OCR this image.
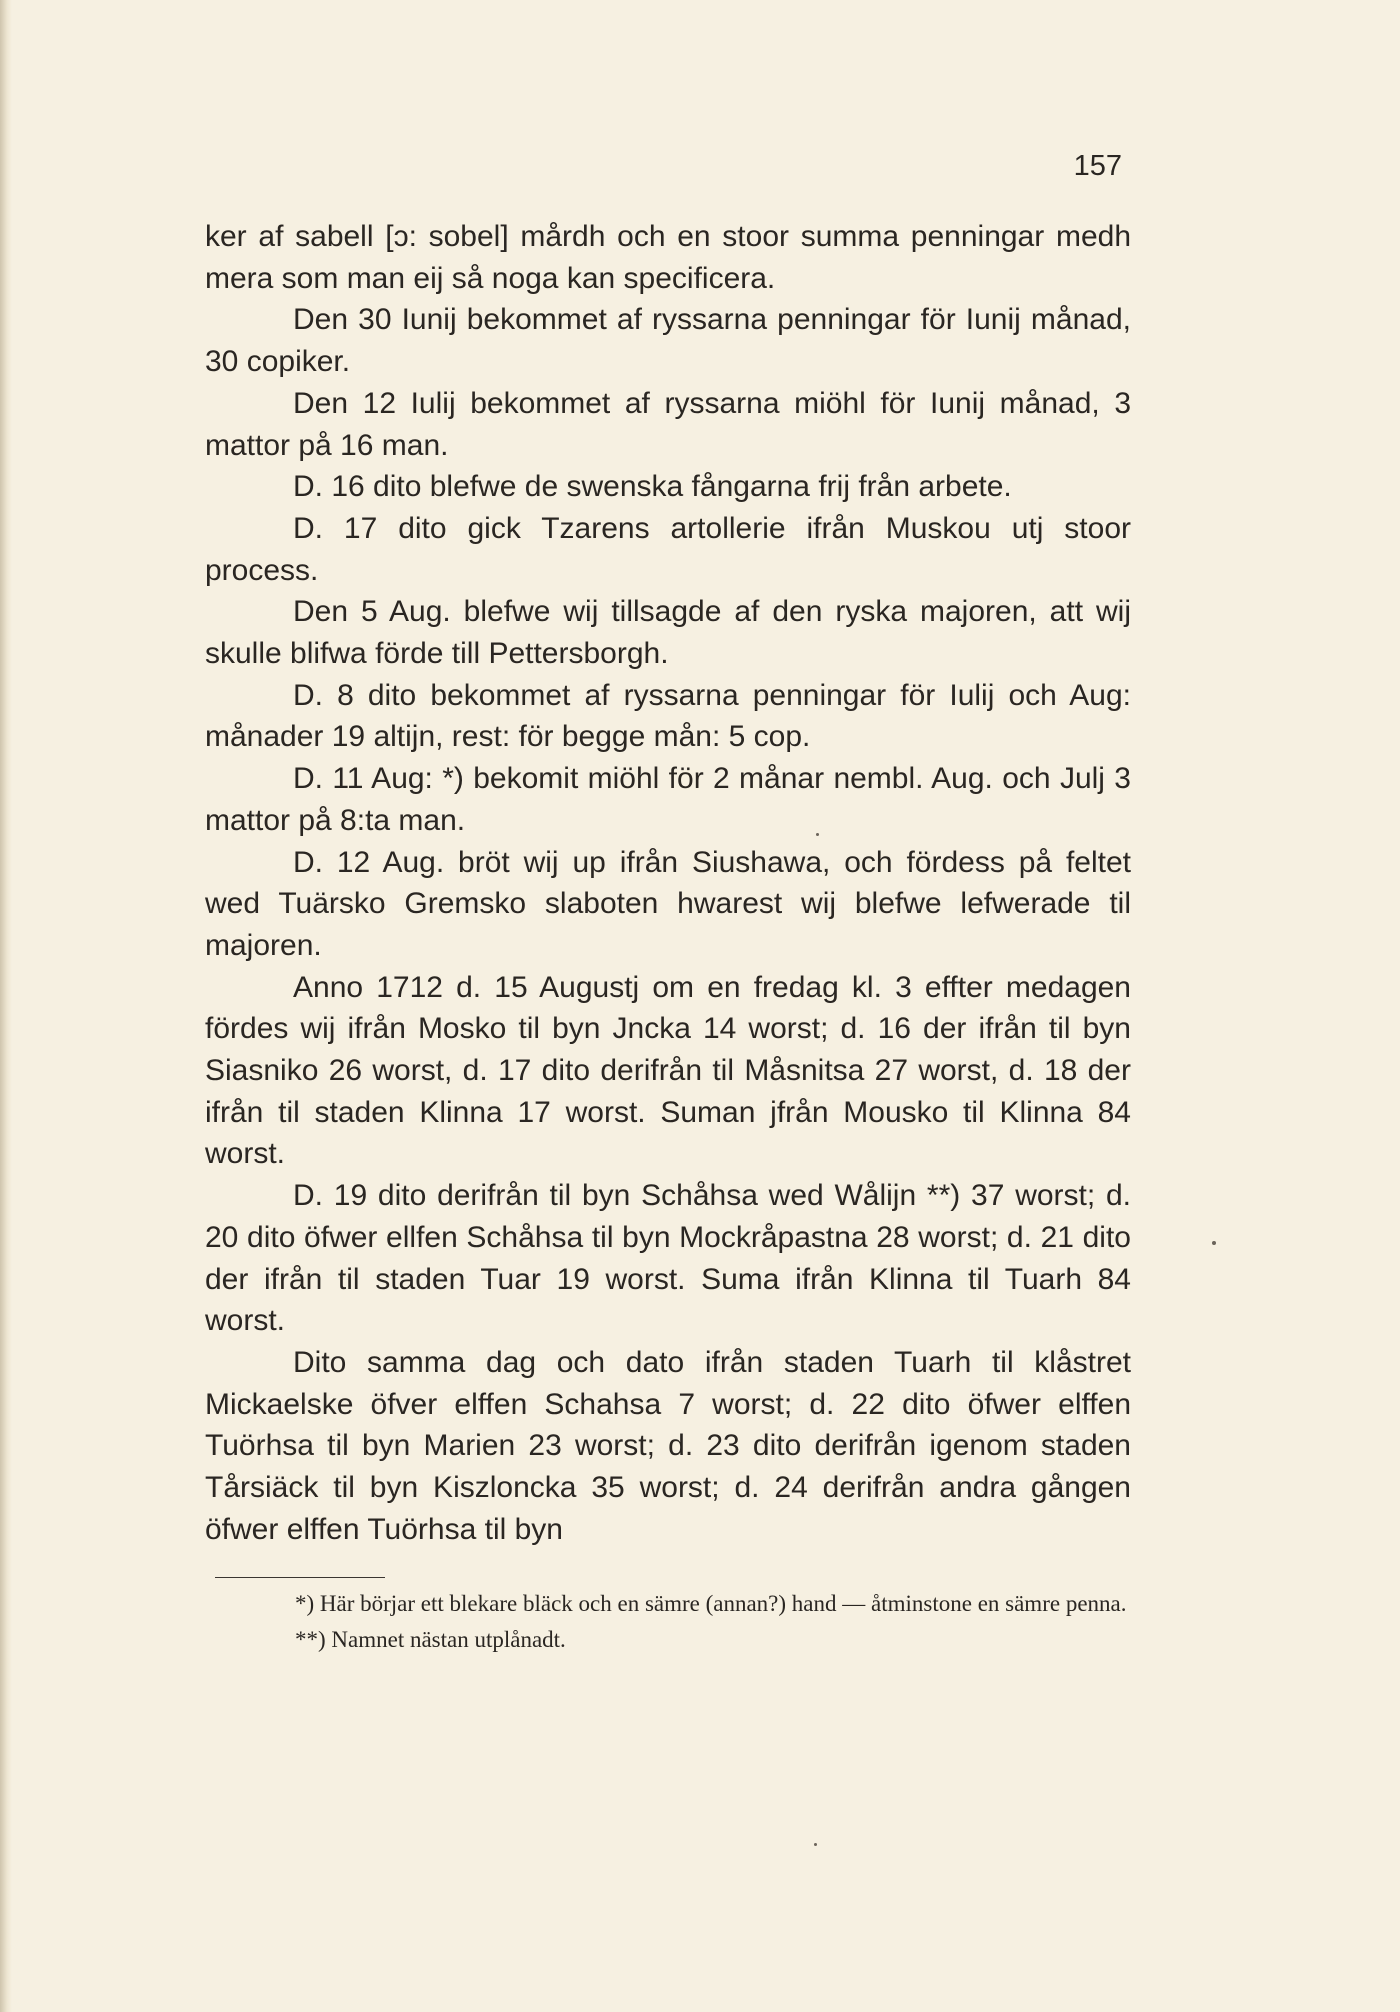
157

ker af sabell [ɔ: sobel] mårdh och en stoor summa penningar medh mera som man eij så noga kan specificera.

Den 30 Iunij bekommet af ryssarna penningar för Iunij månad, 30 copiker.

Den 12 Iulij bekommet af ryssarna miöhl för Iunij månad, 3 mattor på 16 man.

D. 16 dito blefwe de swenska fångarna frij från arbete.

D. 17 dito gick Tzarens artollerie ifrån Muskou utj stoor process.

Den 5 Aug. blefwe wij tillsagde af den ryska majoren, att wij skulle blifwa förde till Pettersborgh.

D. 8 dito bekommet af ryssarna penningar för Iulij och Aug: månader 19 altijn, rest: för begge mån: 5 cop.

D. 11 Aug: *) bekomit miöhl för 2 månar nembl. Aug. och Julj 3 mattor på 8:ta man.

D. 12 Aug. bröt wij up ifrån Siushawa, och fördess på feltet wed Tuärsko Gremsko slaboten hwarest wij blefwe lefwerade til majoren.

Anno 1712 d. 15 Augustj om en fredag kl. 3 effter medagen fördes wij ifrån Mosko til byn Jncka 14 worst; d. 16 der ifrån til byn Siasniko 26 worst, d. 17 dito derifrån til Måsnitsa 27 worst, d. 18 der ifrån til staden Klinna 17 worst. Suman jfrån Mousko til Klinna 84 worst.

D. 19 dito derifrån til byn Schåhsa wed Wålijn **) 37 worst; d. 20 dito öfwer ellfen Schåhsa til byn Mockråpastna 28 worst; d. 21 dito der ifrån til staden Tuar 19 worst. Suma ifrån Klinna til Tuarh 84 worst.

Dito samma dag och dato ifrån staden Tuarh til klåstret Mickaelske öfver elffen Schahsa 7 worst; d. 22 dito öfwer elffen Tuörhsa til byn Marien 23 worst; d. 23 dito derifrån igenom staden Tårsiäck til byn Kiszloncka 35 worst; d. 24 derifrån andra gången öfwer elffen Tuörhsa til byn

*) Här börjar ett blekare bläck och en sämre (annan?) hand — åtminstone en sämre penna.

**) Namnet nästan utplånadt.
